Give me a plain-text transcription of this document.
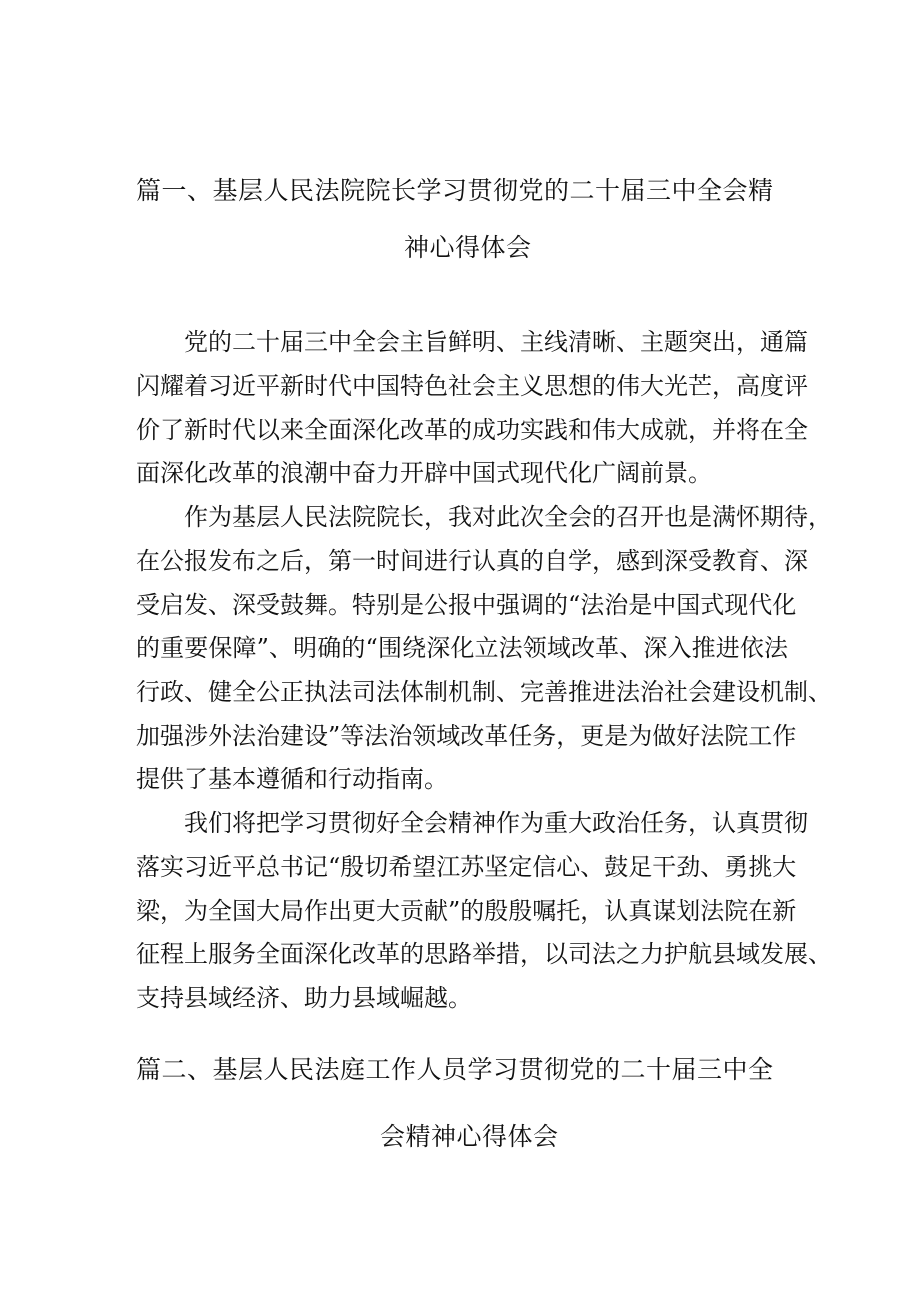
篇一、基层人民法院院长学习贯彻党的二十届三中全会精
神心得体会
党的二十届三中全会主旨鲜明、主线清晰、主题突出，通篇
闪耀着习近平新时代中国特色社会主义思想的伟大光芒，高度评
价了新时代以来全面深化改革的成功实践和伟大成就，并将在全
面深化改革的浪潮中奋力开辟中国式现代化广阔前景。
作为基层人民法院院长，我对此次全会的召开也是满怀期待，
在公报发布之后，第一时间进行认真的自学，感到深受教育、深
受启发、深受鼓舞。特别是公报中强调的“法治是中国式现代化
的重要保障”、明确的“围绕深化立法领域改革、深入推进依法
行政、健全公正执法司法体制机制、完善推进法治社会建设机制、
加强涉外法治建设”等法治领域改革任务，更是为做好法院工作
提供了基本遵循和行动指南。
我们将把学习贯彻好全会精神作为重大政治任务，认真贯彻
落实习近平总书记“殷切希望江苏坚定信心、鼓足干劲、勇挑大
梁，为全国大局作出更大贡献”的殷殷嘱托，认真谋划法院在新
征程上服务全面深化改革的思路举措，以司法之力护航县域发展、
支持县域经济、助力县域崛越。
篇二、基层人民法庭工作人员学习贯彻党的二十届三中全
会精神心得体会
